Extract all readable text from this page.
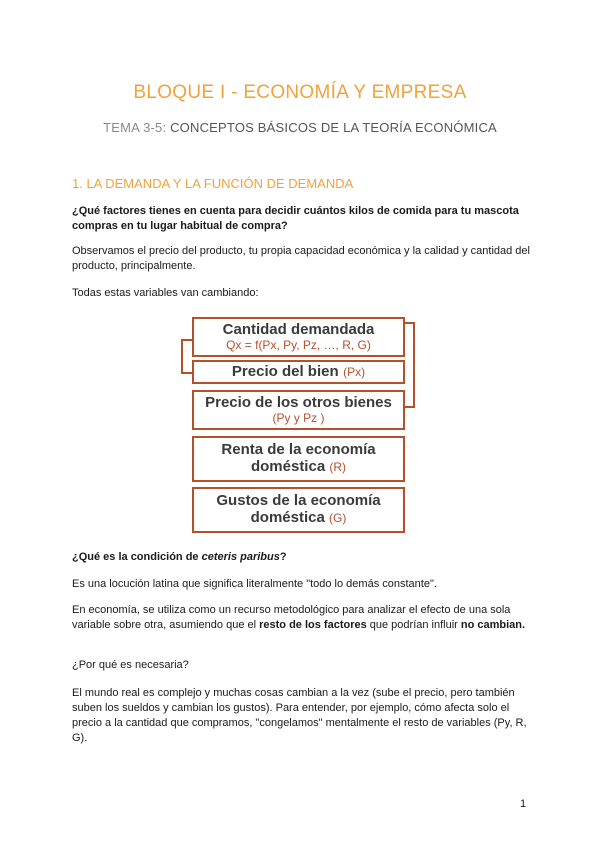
BLOQUE I - ECONOMÍA Y EMPRESA
TEMA 3-5: CONCEPTOS BÁSICOS DE LA TEORÍA ECONÓMICA
1. LA DEMANDA Y LA FUNCIÓN DE DEMANDA
¿Qué factores tienes en cuenta para decidir cuántos kilos de comida para tu mascota compras en tu lugar habitual de compra?
Observamos el precio del producto, tu propia capacidad económica y la calidad y cantidad del producto, principalmente.
Todas estas variables van cambiando:
Cantidad demandada
Qx = f(Px, Py, Pz, …, R, G)
Precio del bien (Px)
Precio de los otros bienes
(Py y Pz )
Renta de la economía
doméstica (R)
Gustos de la economía
doméstica (G)
¿Qué es la condición de ceteris paribus?
Es una locución latina que significa literalmente "todo lo demás constante".
En economía, se utiliza como un recurso metodológico para analizar el efecto de una sola variable sobre otra, asumiendo que el resto de los factores que podrían influir no cambian.
¿Por qué es necesaria?
El mundo real es complejo y muchas cosas cambian a la vez (sube el precio, pero también suben los sueldos y cambian los gustos). Para entender, por ejemplo, cómo afecta solo el precio a la cantidad que compramos, "congelamos" mentalmente el resto de variables (Py, R, G).
1
